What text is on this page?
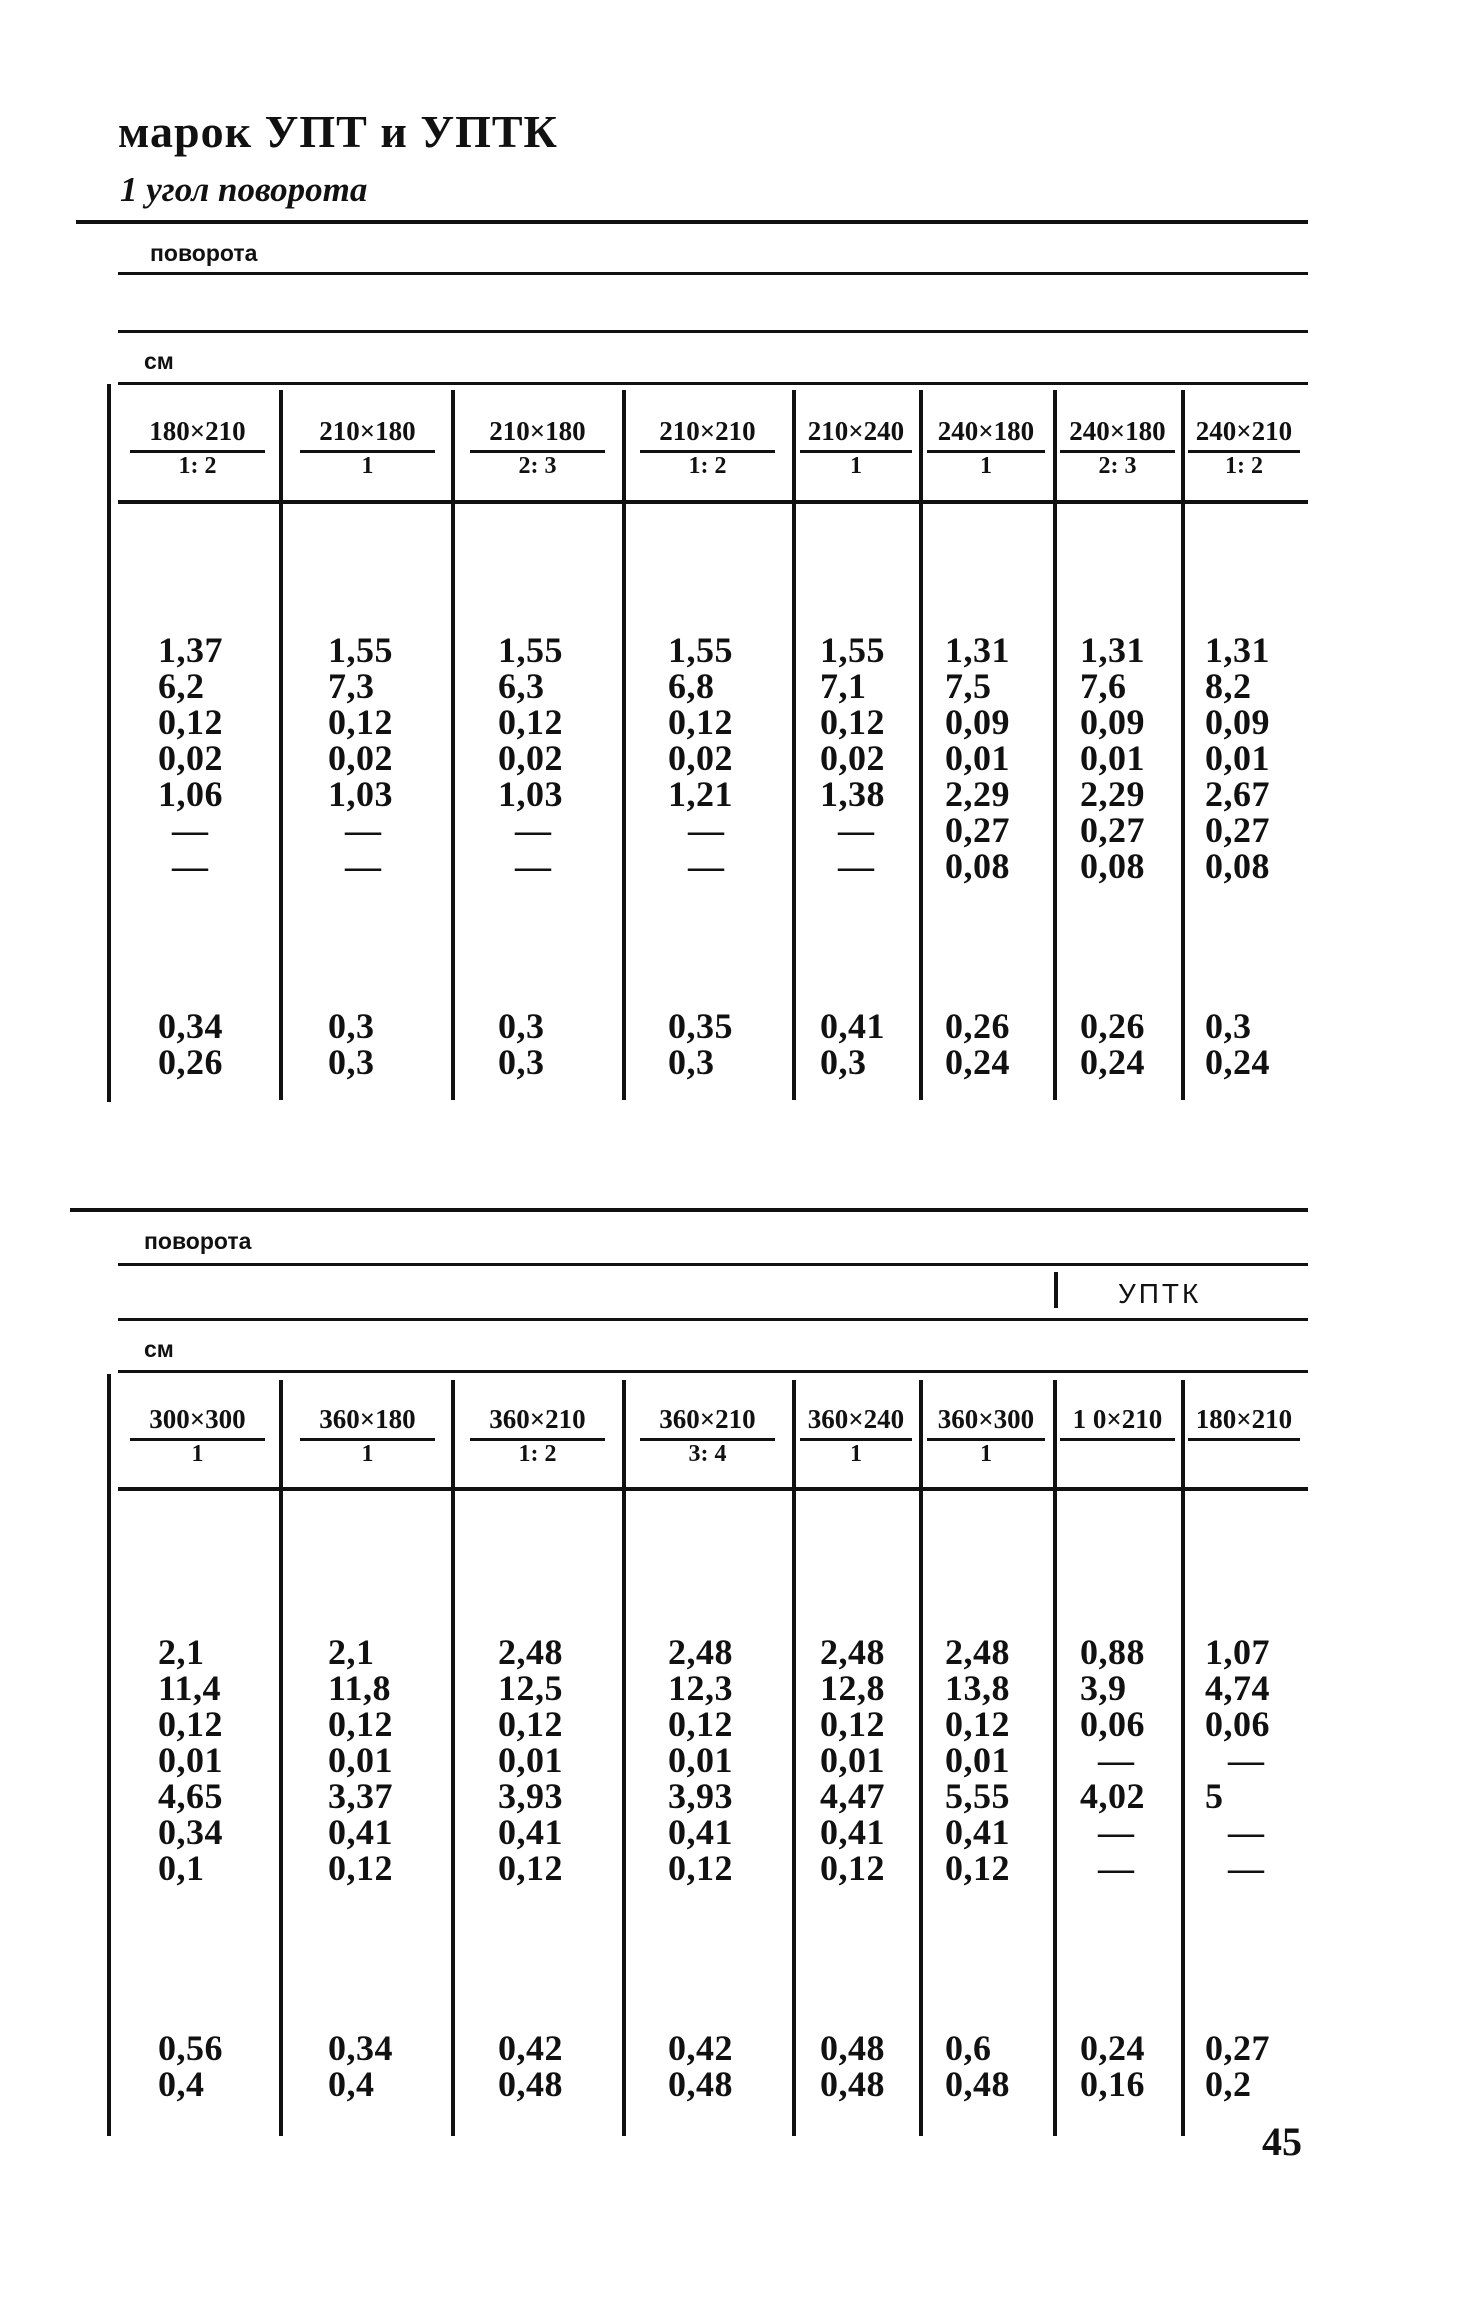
марок УПТ и УПТК
1 угол поворота
поворота
см
180×210
1: 2
210×180
1
210×180
2: 3
210×210
1: 2
210×240
1
240×180
1
240×180
2: 3
240×210
1: 2
1,37
6,2
0,12
0,02
1,06
—
—
1,55
7,3
0,12
0,02
1,03
—
—
1,55
6,3
0,12
0,02
1,03
—
—
1,55
6,8
0,12
0,02
1,21
—
—
1,55
7,1
0,12
0,02
1,38
—
—
1,31
7,5
0,09
0,01
2,29
0,27
0,08
1,31
7,6
0,09
0,01
2,29
0,27
0,08
1,31
8,2
0,09
0,01
2,67
0,27
0,08
0,34
0,26
0,3
0,3
0,3
0,3
0,35
0,3
0,41
0,3
0,26
0,24
0,26
0,24
0,3
0,24
поворота
УПТК
см
300×300
1
360×180
1
360×210
1: 2
360×210
3: 4
360×240
1
360×300
1
1 0×210	180×210
2,1
11,4
0,12
0,01
4,65
0,34
0,1
2,1
11,8
0,12
0,01
3,37
0,41
0,12
2,48
12,5
0,12
0,01
3,93
0,41
0,12
2,48
12,3
0,12
0,01
3,93
0,41
0,12
2,48
12,8
0,12
0,01
4,47
0,41
0,12
2,48
13,8
0,12
0,01
5,55
0,41
0,12
0,88
3,9
0,06
—
4,02
—
—
1,07
4,74
0,06
—
5
—
—
0,56
0,4
0,34
0,4
0,42
0,48
0,42
0,48
0,48
0,48
0,6
0,48
0,24
0,16
0,27
0,2
45
